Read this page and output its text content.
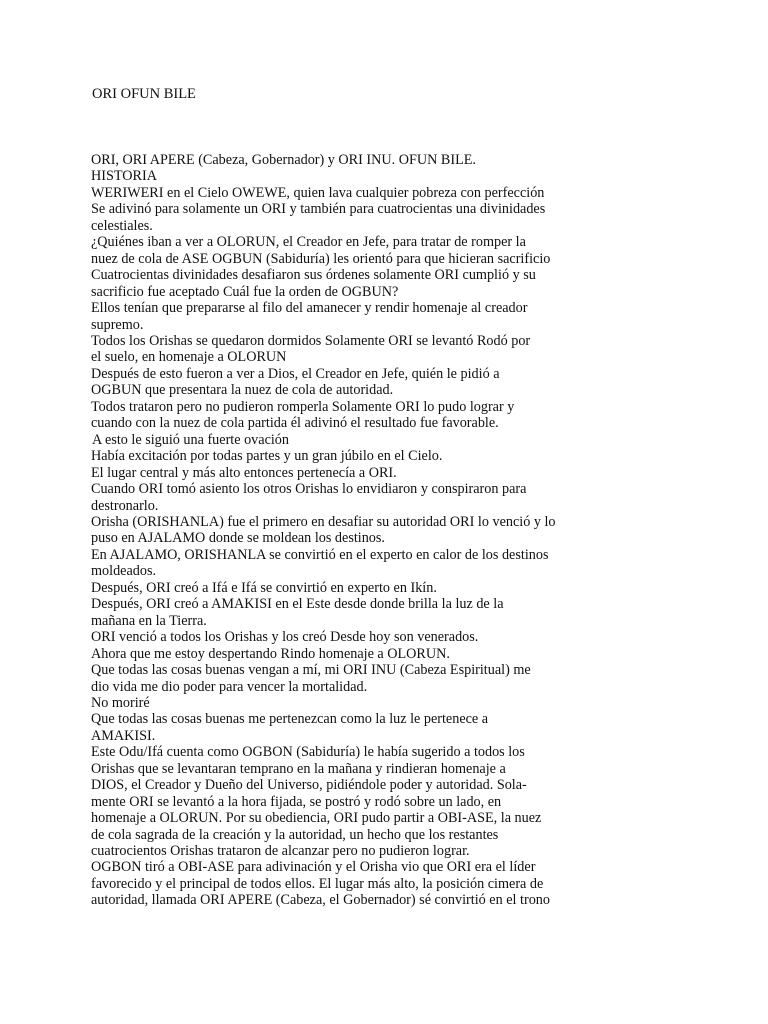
ORI OFUN BILE
ORI, ORI APERE (Cabeza, Gobernador) y ORI INU. OFUN BILE.
HISTORIA
WERIWERI en el Cielo OWEWE, quien lava cualquier pobreza con perfección
Se adivinó para solamente un ORI y también para cuatrocientas una divinidades
celestiales.
¿Quiénes iban a ver a OLORUN, el Creador en Jefe, para tratar de romper la
nuez de cola de ASE OGBUN (Sabiduría) les orientó para que hicieran sacrificio
Cuatrocientas divinidades desafiaron sus órdenes solamente ORI cumplió y su
sacrificio fue aceptado Cuál fue la orden de OGBUN?
Ellos tenían que prepararse al filo del amanecer y rendir homenaje al creador
supremo.
Todos los Orishas se quedaron dormidos Solamente ORI se levantó Rodó por
el suelo, en homenaje a OLORUN
Después de esto fueron a ver a Dios, el Creador en Jefe, quién le pidió a
OGBUN que presentara la nuez de cola de autoridad.
Todos trataron pero no pudieron romperla Solamente ORI lo pudo lograr y
cuando con la nuez de cola partida él adivinó el resultado fue favorable.
A esto le siguió una fuerte ovación
Había excitación por todas partes y un gran júbilo en el Cielo.
El lugar central y más alto entonces pertenecía a ORI.
Cuando ORI tomó asiento los otros Orishas lo envidiaron y conspiraron para
destronarlo.
Orisha (ORISHANLA) fue el primero en desafiar su autoridad ORI lo venció y lo
puso en AJALAMO donde se moldean los destinos.
En AJALAMO, ORISHANLA se convirtió en el experto en calor de los destinos
moldeados.
Después, ORI creó a Ifá e Ifá se convirtió en experto en Ikín.
Después, ORI creó a AMAKISI en el Este desde donde brilla la luz de la
mañana en la Tierra.
ORI venció a todos los Orishas y los creó Desde hoy son venerados.
Ahora que me estoy despertando Rindo homenaje a OLORUN.
Que todas las cosas buenas vengan a mí, mi ORI INU (Cabeza Espiritual) me
dio vida me dio poder para vencer la mortalidad.
No moriré
Que todas las cosas buenas me pertenezcan como la luz le pertenece a
AMAKISI.
Este Odu/Ifá cuenta como OGBON (Sabiduría) le había sugerido a todos los
Orishas que se levantaran temprano en la mañana y rindieran homenaje a
DIOS, el Creador y Dueño del Universo, pidiéndole poder y autoridad. Sola-
mente ORI se levantó a la hora fijada, se postró y rodó sobre un lado, en
homenaje a OLORUN. Por su obediencia, ORI pudo partir a OBI-ASE, la nuez
de cola sagrada de la creación y la autoridad, un hecho que los restantes
cuatrocientos Orishas trataron de alcanzar pero no pudieron lograr.
OGBON tiró a OBI-ASE para adivinación y el Orisha vio que ORI era el líder
favorecido y el principal de todos ellos. El lugar más alto, la posición cimera de
autoridad, llamada ORI APERE (Cabeza, el Gobernador) sé convirtió en el trono
